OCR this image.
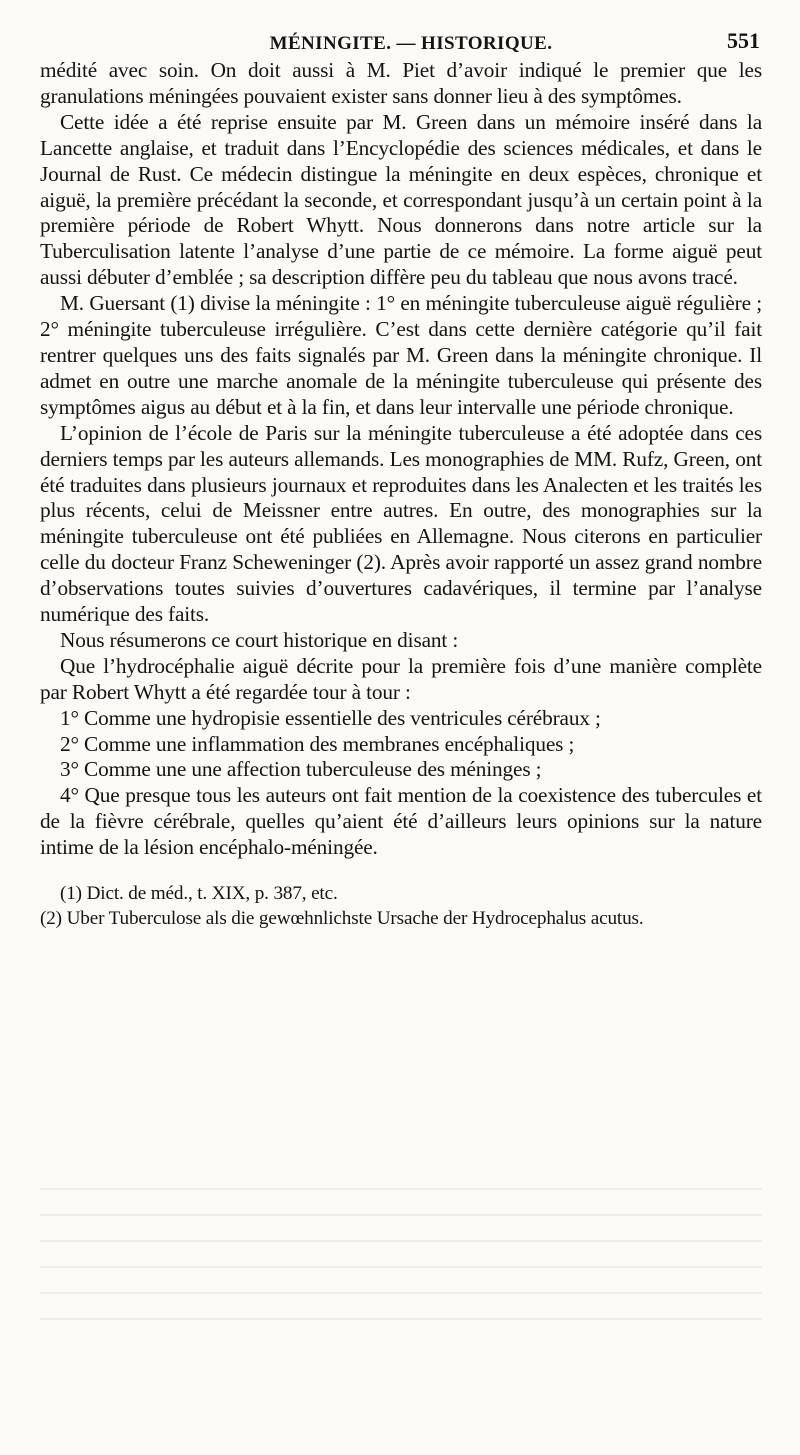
MÉNINGITE. — HISTORIQUE.	551

médité avec soin. On doit aussi à M. Piet d’avoir indiqué le premier que les granulations méningées pouvaient exister sans donner lieu à des symptômes.

Cette idée a été reprise ensuite par M. Green dans un mémoire inséré dans la Lancette anglaise, et traduit dans l’Encyclopédie des sciences médicales, et dans le Journal de Rust. Ce médecin distingue la méningite en deux espèces, chronique et aiguë, la première précédant la seconde, et correspondant jusqu’à un certain point à la première période de Robert Whytt. Nous donnerons dans notre article sur la Tuberculisation latente l’analyse d’une partie de ce mémoire. La forme aiguë peut aussi débuter d’emblée ; sa description diffère peu du tableau que nous avons tracé.

M. Guersant (1) divise la méningite : 1° en méningite tuberculeuse aiguë régulière ; 2° méningite tuberculeuse irrégulière. C’est dans cette dernière catégorie qu’il fait rentrer quelques uns des faits signalés par M. Green dans la méningite chronique. Il admet en outre une marche anomale de la méningite tuberculeuse qui présente des symptômes aigus au début et à la fin, et dans leur intervalle une période chronique.

L’opinion de l’école de Paris sur la méningite tuberculeuse a été adoptée dans ces derniers temps par les auteurs allemands. Les monographies de MM. Rufz, Green, ont été traduites dans plusieurs journaux et reproduites dans les Analecten et les traités les plus récents, celui de Meissner entre autres. En outre, des monographies sur la méningite tuberculeuse ont été publiées en Allemagne. Nous citerons en particulier celle du docteur Franz Scheweninger (2). Après avoir rapporté un assez grand nombre d’observations toutes suivies d’ouvertures cadavériques, il termine par l’analyse numérique des faits.

Nous résumerons ce court historique en disant :

Que l’hydrocéphalie aiguë décrite pour la première fois d’une manière complète par Robert Whytt a été regardée tour à tour :

1° Comme une hydropisie essentielle des ventricules cérébraux ;

2° Comme une inflammation des membranes encéphaliques ;

3° Comme une une affection tuberculeuse des méninges ;

4° Que presque tous les auteurs ont fait mention de la coexistence des tubercules et de la fièvre cérébrale, quelles qu’aient été d’ailleurs leurs opinions sur la nature intime de la lésion encéphalo-méningée.

(1) Dict. de méd., t. XIX, p. 387, etc.

(2) Uber Tuberculose als die gewœhnlichste Ursache der Hydrocephalus acutus.
